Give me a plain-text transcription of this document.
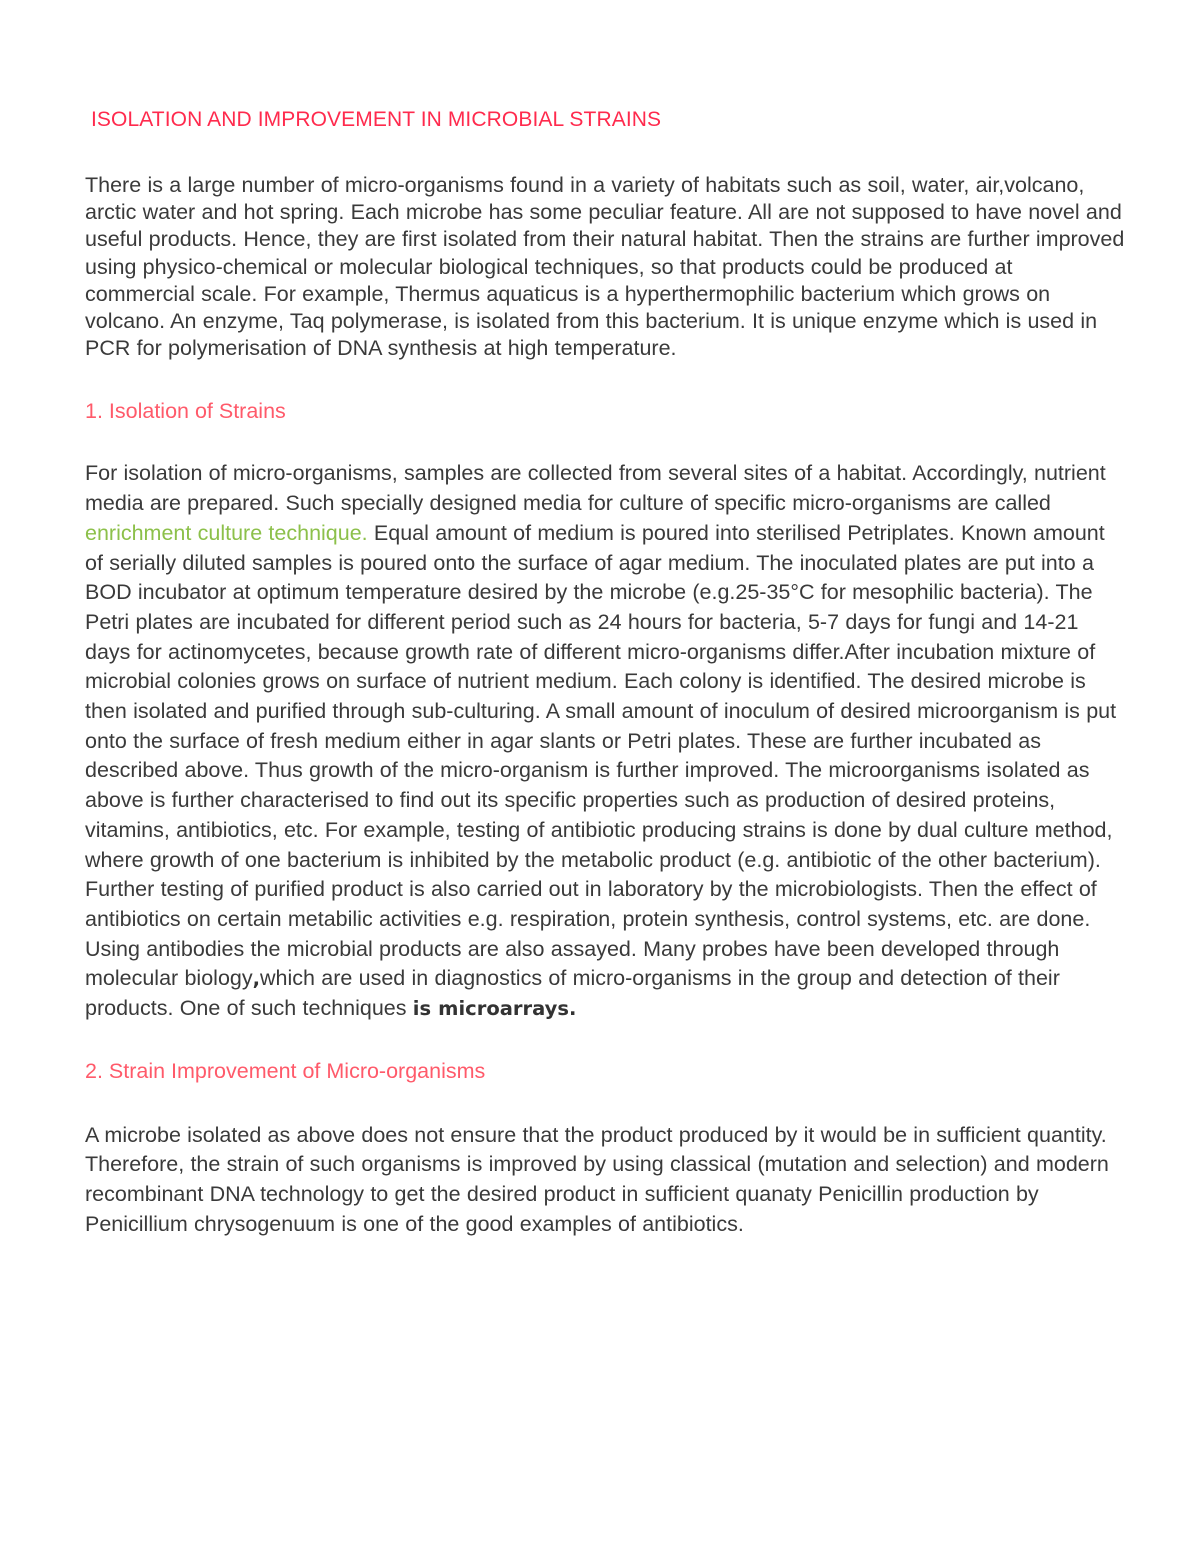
ISOLATION AND IMPROVEMENT IN MICROBIAL STRAINS

There is a large number of micro-organisms found in a variety of habitats such as soil, water, air,volcano, arctic water and hot spring. Each microbe has some peculiar feature. All are not supposed to have novel and useful products. Hence, they are first isolated from their natural habitat. Then the strains are further improved using physico-chemical or molecular biological techniques, so that products could be produced at commercial scale. For example, Thermus aquaticus is a hyperthermophilic bacterium which grows on volcano. An enzyme, Taq polymerase, is isolated from this bacterium. It is unique enzyme which is used in PCR for polymerisation of DNA synthesis at high temperature.

1. Isolation of Strains

For isolation of micro-organisms, samples are collected from several sites of a habitat. Accordingly, nutrient media are prepared. Such specially designed media for culture of specific micro-organisms are called enrichment culture technique. Equal amount of medium is poured into sterilised Petriplates. Known amount of serially diluted samples is poured onto the surface of agar medium. The inoculated plates are put into a BOD incubator at optimum temperature desired by the microbe (e.g.25-35°C for mesophilic bacteria). The Petri plates are incubated for different period such as 24 hours for bacteria, 5-7 days for fungi and 14-21 days for actinomycetes, because growth rate of different micro-organisms differ.After incubation mixture of microbial colonies grows on surface of nutrient medium. Each colony is identified. The desired microbe is then isolated and purified through sub-culturing. A small amount of inoculum of desired microorganism is put onto the surface of fresh medium either in agar slants or Petri plates. These are further incubated as described above. Thus growth of the micro-organism is further improved. The microorganisms isolated as above is further characterised to find out its specific properties such as production of desired proteins, vitamins, antibiotics, etc. For example, testing of antibiotic producing strains is done by dual culture method, where growth of one bacterium is inhibited by the metabolic product (e.g. antibiotic of the other bacterium). Further testing of purified product is also carried out in laboratory by the microbiologists. Then the effect of antibiotics on certain metabilic activities e.g. respiration, protein synthesis, control systems, etc. are done. Using antibodies the microbial products are also assayed. Many probes have been developed through molecular biology,which are used in diagnostics of micro-organisms in the group and detection of their products. One of such techniques is microarrays.

2. Strain Improvement of Micro-organisms

A microbe isolated as above does not ensure that the product produced by it would be in sufficient quantity. Therefore, the strain of such organisms is improved by using classical (mutation and selection) and modern recombinant DNA technology to get the desired product in sufficient quanaty Penicillin production by Penicillium chrysogenuum is one of the good examples of antibiotics.
